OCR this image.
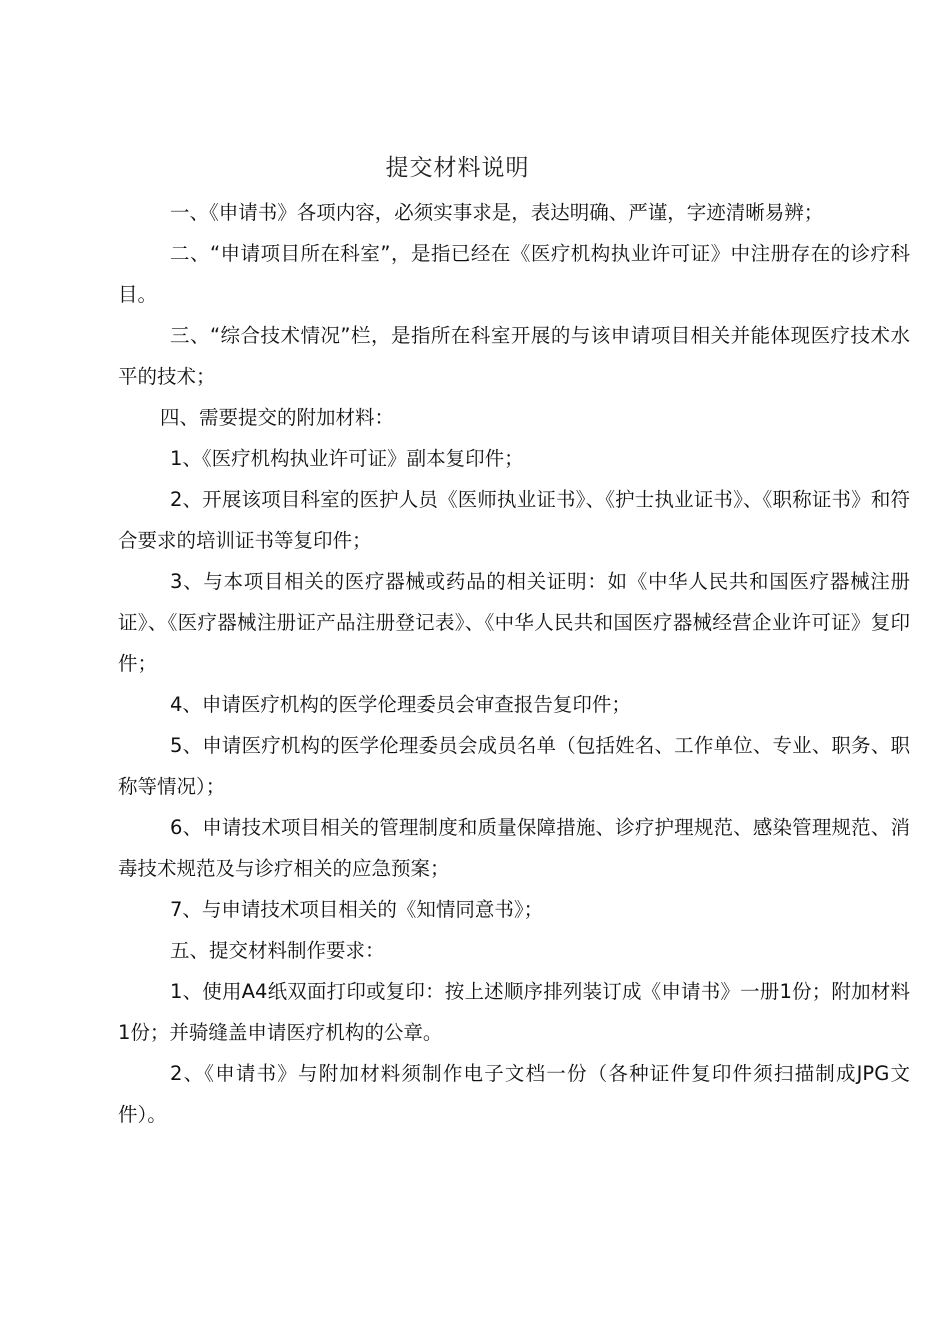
提交材料说明

一、《申请书》各项内容，必须实事求是，表达明确、严谨，字迹清晰易辨；

二、“申请项目所在科室”，是指已经在《医疗机构执业许可证》中注册存在的诊疗科目。

三、“综合技术情况”栏，是指所在科室开展的与该申请项目相关并能体现医疗技术水平的技术；

四、需要提交的附加材料：

1、《医疗机构执业许可证》副本复印件；

2、开展该项目科室的医护人员《医师执业证书》、《护士执业证书》、《职称证书》和符合要求的培训证书等复印件；

3、与本项目相关的医疗器械或药品的相关证明：如《中华人民共和国医疗器械注册证》、《医疗器械注册证产品注册登记表》、《中华人民共和国医疗器械经营企业许可证》复印件；

4、申请医疗机构的医学伦理委员会审查报告复印件；

5、申请医疗机构的医学伦理委员会成员名单（包括姓名、工作单位、专业、职务、职称等情况）；

6、申请技术项目相关的管理制度和质量保障措施、诊疗护理规范、感染管理规范、消毒技术规范及与诊疗相关的应急预案；

7、与申请技术项目相关的《知情同意书》；

五、提交材料制作要求：

1、使用A4纸双面打印或复印：按上述顺序排列装订成《申请书》一册1份；附加材料1份；并骑缝盖申请医疗机构的公章。

2、《申请书》与附加材料须制作电子文档一份（各种证件复印件须扫描制成JPG文件）。
